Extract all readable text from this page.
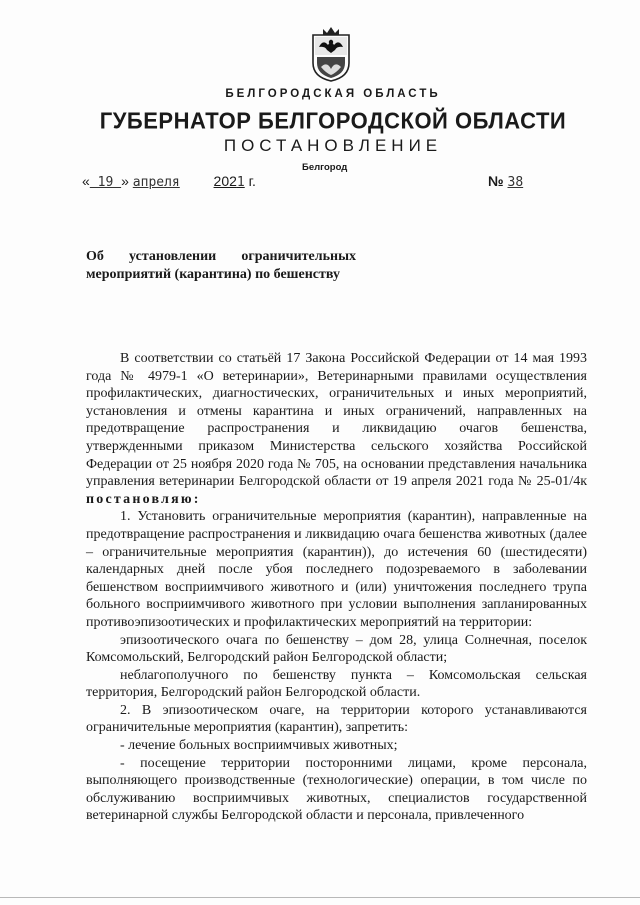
БЕЛГОРОДСКАЯ ОБЛАСТЬ
ГУБЕРНАТОР БЕЛГОРОДСКОЙ ОБЛАСТИ
ПОСТАНОВЛЕНИЕ
Белгород
« 19 » апреля 2021 г.	№ 38
Об установлении ограничительных
мероприятий (карантина) по бешенству

В соответствии со статьёй 17 Закона Российской Федерации от 14 мая 1993 года № 4979-1 «О ветеринарии», Ветеринарными правилами осуществления профилактических, диагностических, ограничительных и иных мероприятий, установления и отмены карантина и иных ограничений, направленных на предотвращение распространения и ликвидацию очагов бешенства, утвержденными приказом Министерства сельского хозяйства Российской Федерации от 25 ноября 2020 года № 705, на основании представления начальника управления ветеринарии Белгородской области от 19 апреля 2021 года № 25-01/4к постановляю:

1. Установить ограничительные мероприятия (карантин), направленные на предотвращение распространения и ликвидацию очага бешенства животных (далее – ограничительные мероприятия (карантин)), до истечения 60 (шестидесяти) календарных дней после убоя последнего подозреваемого в заболевании бешенством восприимчивого животного и (или) уничтожения последнего трупа больного восприимчивого животного при условии выполнения запланированных противоэпизоотических и профилактических мероприятий на территории:

эпизоотического очага по бешенству – дом 28, улица Солнечная, поселок Комсомольский, Белгородский район Белгородской области;

неблагополучного по бешенству пункта – Комсомольская сельская территория, Белгородский район Белгородской области.

2. В эпизоотическом очаге, на территории которого устанавливаются ограничительные мероприятия (карантин), запретить:

- лечение больных восприимчивых животных;

- посещение территории посторонними лицами, кроме персонала, выполняющего производственные (технологические) операции, в том числе по обслуживанию восприимчивых животных, специалистов государственной ветеринарной службы Белгородской области и персонала, привлеченного
